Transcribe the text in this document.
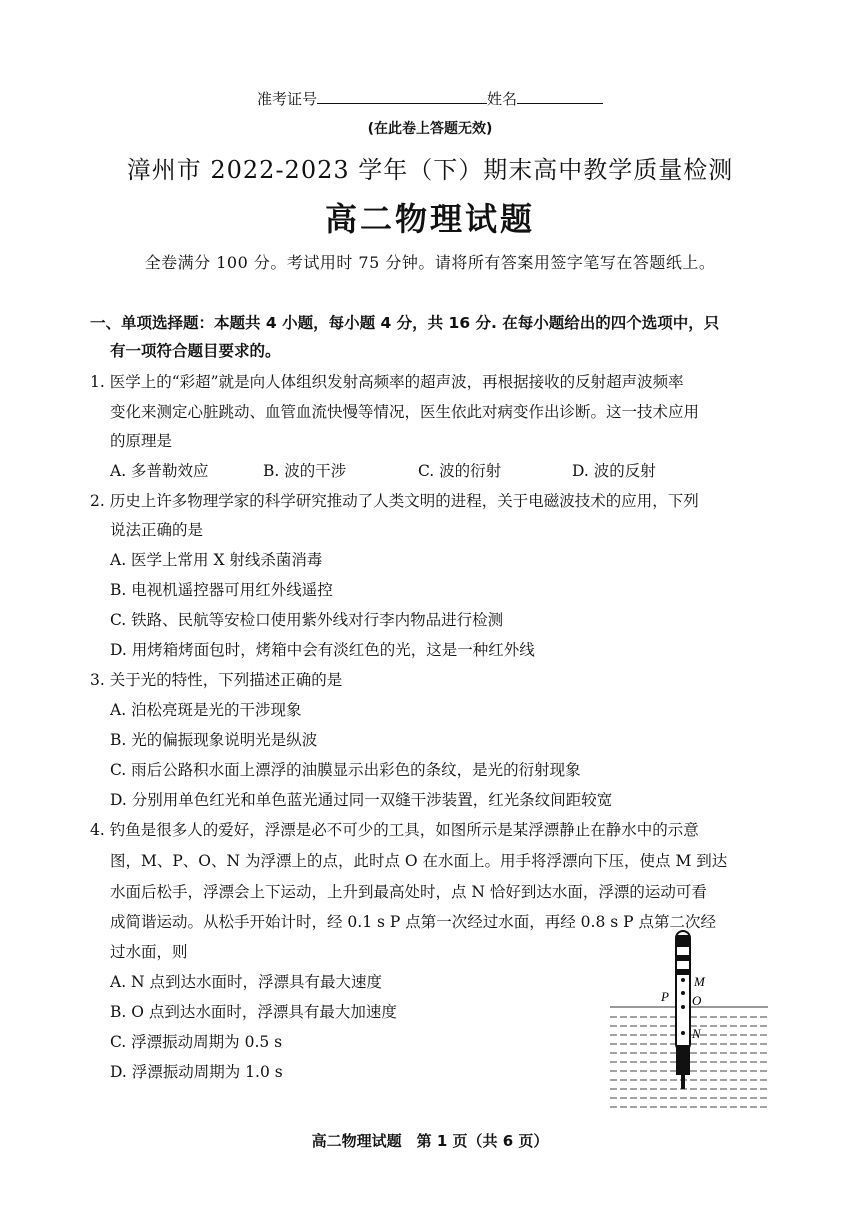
准考证号	姓名
(在此卷上答题无效)
漳州市 2022-2023 学年（下）期末高中教学质量检测
高二物理试题
全卷满分 100 分。考试用时 75 分钟。请将所有答案用签字笔写在答题纸上。
一、单项选择题：本题共 4 小题，每小题 4 分，共 16 分. 在每小题给出的四个选项中，只
有一项符合题目要求的。
1. 医学上的“彩超”就是向人体组织发射高频率的超声波，再根据接收的反射超声波频率
变化来测定心脏跳动、血管血流快慢等情况，医生依此对病变作出诊断。这一技术应用
的原理是
A. 多普勒效应	B. 波的干涉	C. 波的衍射	D. 波的反射
2. 历史上许多物理学家的科学研究推动了人类文明的进程，关于电磁波技术的应用，下列
说法正确的是
A. 医学上常用 X 射线杀菌消毒
B. 电视机遥控器可用红外线遥控
C. 铁路、民航等安检口使用紫外线对行李内物品进行检测
D. 用烤箱烤面包时，烤箱中会有淡红色的光，这是一种红外线
3. 关于光的特性，下列描述正确的是
A. 泊松亮斑是光的干涉现象
B. 光的偏振现象说明光是纵波
C. 雨后公路积水面上漂浮的油膜显示出彩色的条纹，是光的衍射现象
D. 分别用单色红光和单色蓝光通过同一双缝干涉装置，红光条纹间距较宽
4. 钓鱼是很多人的爱好，浮漂是必不可少的工具，如图所示是某浮漂静止在静水中的示意
图，M、P、O、N 为浮漂上的点，此时点 O 在水面上。用手将浮漂向下压，使点 M 到达
水面后松手，浮漂会上下运动，上升到最高处时，点 N 恰好到达水面，浮漂的运动可看
成简谐运动。从松手开始计时，经 0.1 s P 点第一次经过水面，再经 0.8 s P 点第二次经
过水面，则
A. N 点到达水面时，浮漂具有最大速度
B. O 点到达水面时，浮漂具有最大加速度
C. 浮漂振动周期为 0.5 s
D. 浮漂振动周期为 1.0 s
M
P O
N
高二物理试题　第 1 页（共 6 页）
